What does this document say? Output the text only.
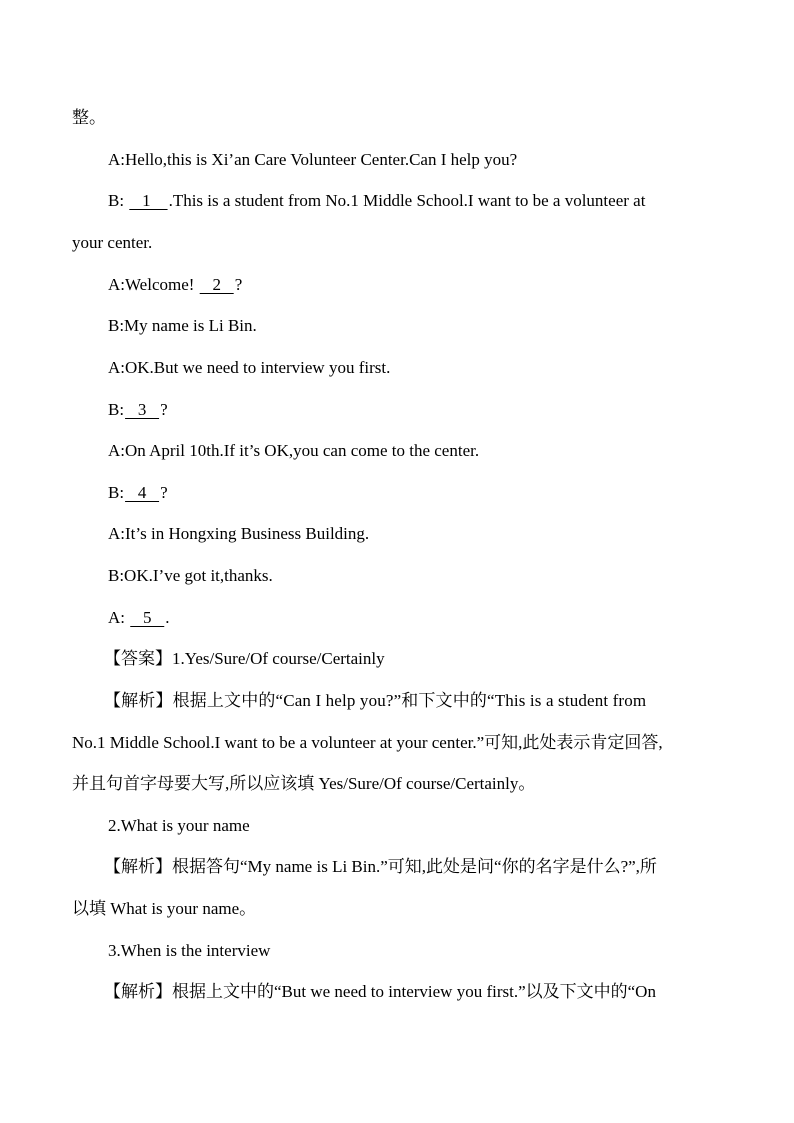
整。
A:Hello,this is Xi’an Care Volunteer Center.Can I help you?
B:    1    .This is a student from No.1 Middle School.I want to be a volunteer at
your center.
A:Welcome!    2   ?
B:My name is Li Bin.
A:OK.But we need to interview you first.
B:   3   ?
A:On April 10th.If it’s OK,you can come to the center.
B:   4   ?
A:It’s in Hongxing Business Building.
B:OK.I’ve got it,thanks.
A:    5   .
【答案】1.Yes/Sure/Of course/Certainly
【解析】根据上文中的“Can I help you?”和下文中的“This is a student from
No.1 Middle School.I want to be a volunteer at your center.”可知,此处表示肯定回答,
并且句首字母要大写,所以应该填 Yes/Sure/Of course/Certainly。
2.What is your name
【解析】根据答句“My name is Li Bin.”可知,此处是问“你的名字是什么?”,所
以填 What is your name。
3.When is the interview
【解析】根据上文中的“But we need to interview you first.”以及下文中的“On
